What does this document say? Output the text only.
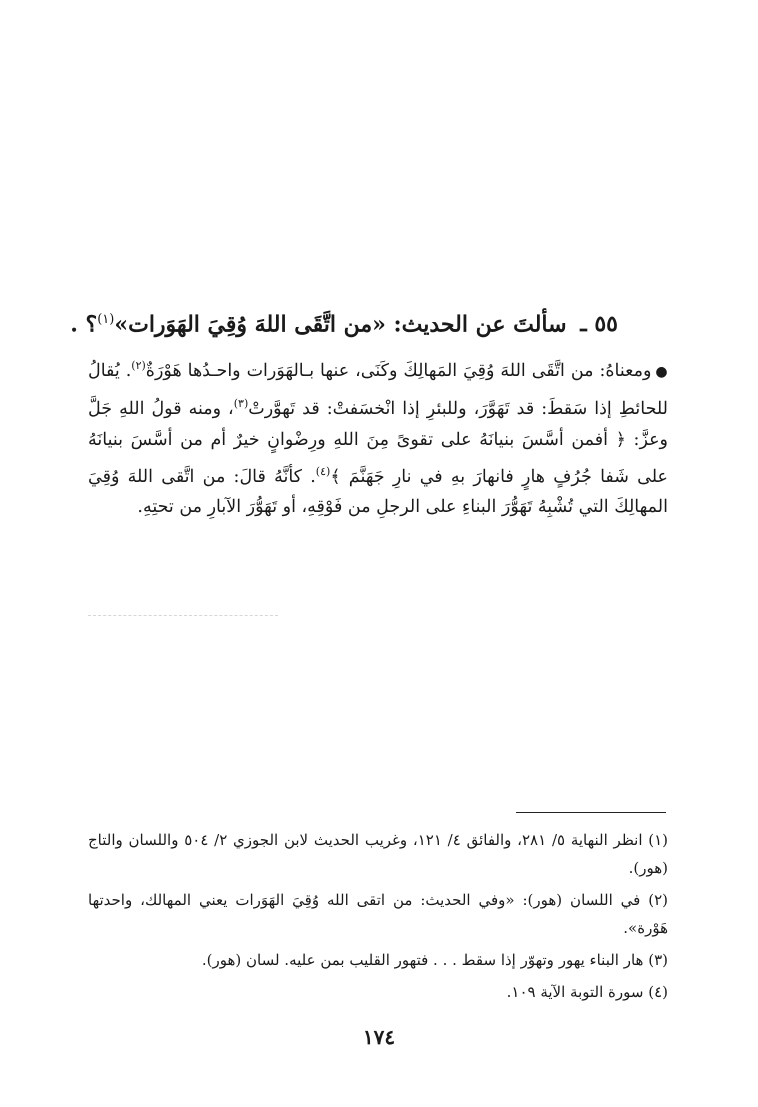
٥٥ ـ سألتَ عن الحديث: «من اتَّقَى اللهَ وُقِيَ الهَوَرات»$^{(١)}$؟ .
●ومعناهُ: من اتَّقَى اللهَ وُقِيَ المَهالِكَ وكَنَى، عنها بـالهَوَرات واحـدُها هَوْرَةٌ$^{(٢)}$. يُقالُ للحائطِ إذا سَقطَ: قد تَهَوَّرَ، وللبئرِ إذا انْخسَفتْ: قد تَهوَّرتْ$^{(٣)}$، ومنه قولُ اللهِ جَلَّ وعزَّ: ﴿ أفمن أسَّسَ بنيانَهُ على تقوىً مِنَ اللهِ ورِضْوانٍ خيرٌ أم من أسَّسَ بنيانَهُ على شَفا جُرُفٍ هارٍ فانهارَ بهِ في نارِ جَهَنَّمَ ﴾$^{(٤)}$. كأنَّهُ قالَ: من اتَّقى اللهَ وُقِيَ المهالِكَ التي تُشْبِهُ تَهَوُّرَ البناءِ على الرجلِ من فَوْقِهِ، أو تَهَوُّرَ الآبارِ من تحتِهِ.

(١) انظر النهاية ٥/ ٢٨١، والفائق ٤/ ١٢١، وغريب الحديث لابن الجوزي ٢/ ٥٠٤ واللسان والتاج (هور).

(٢) في اللسان (هور): «وفي الحديث: من اتقى الله وُقِيَ الهَوَرات يعني المهالك، واحدتها هَوْرة».

(٣) هار البناء يهور وتهوّر إذا سقط . . . فتهور القليب بمن عليه. لسان (هور).

(٤) سورة التوبة الآية ١٠٩.

١٧٤
